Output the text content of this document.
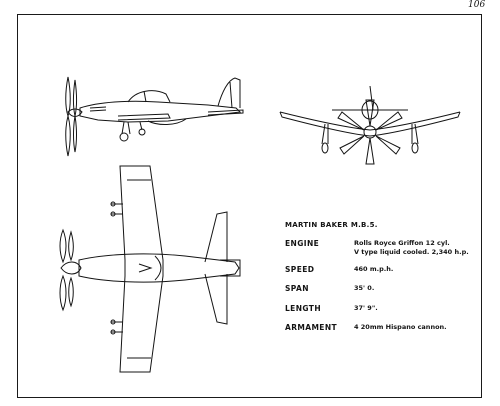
106
MARTIN BAKER M.B.5.
ENGINE	Rolls Royce Griffon 12 cyl.
V type liquid cooled. 2,340 h.p.
SPEED	460 m.p.h.
SPAN	35' 0.
LENGTH	37' 9".
ARMAMENT	4 20mm Hispano cannon.
